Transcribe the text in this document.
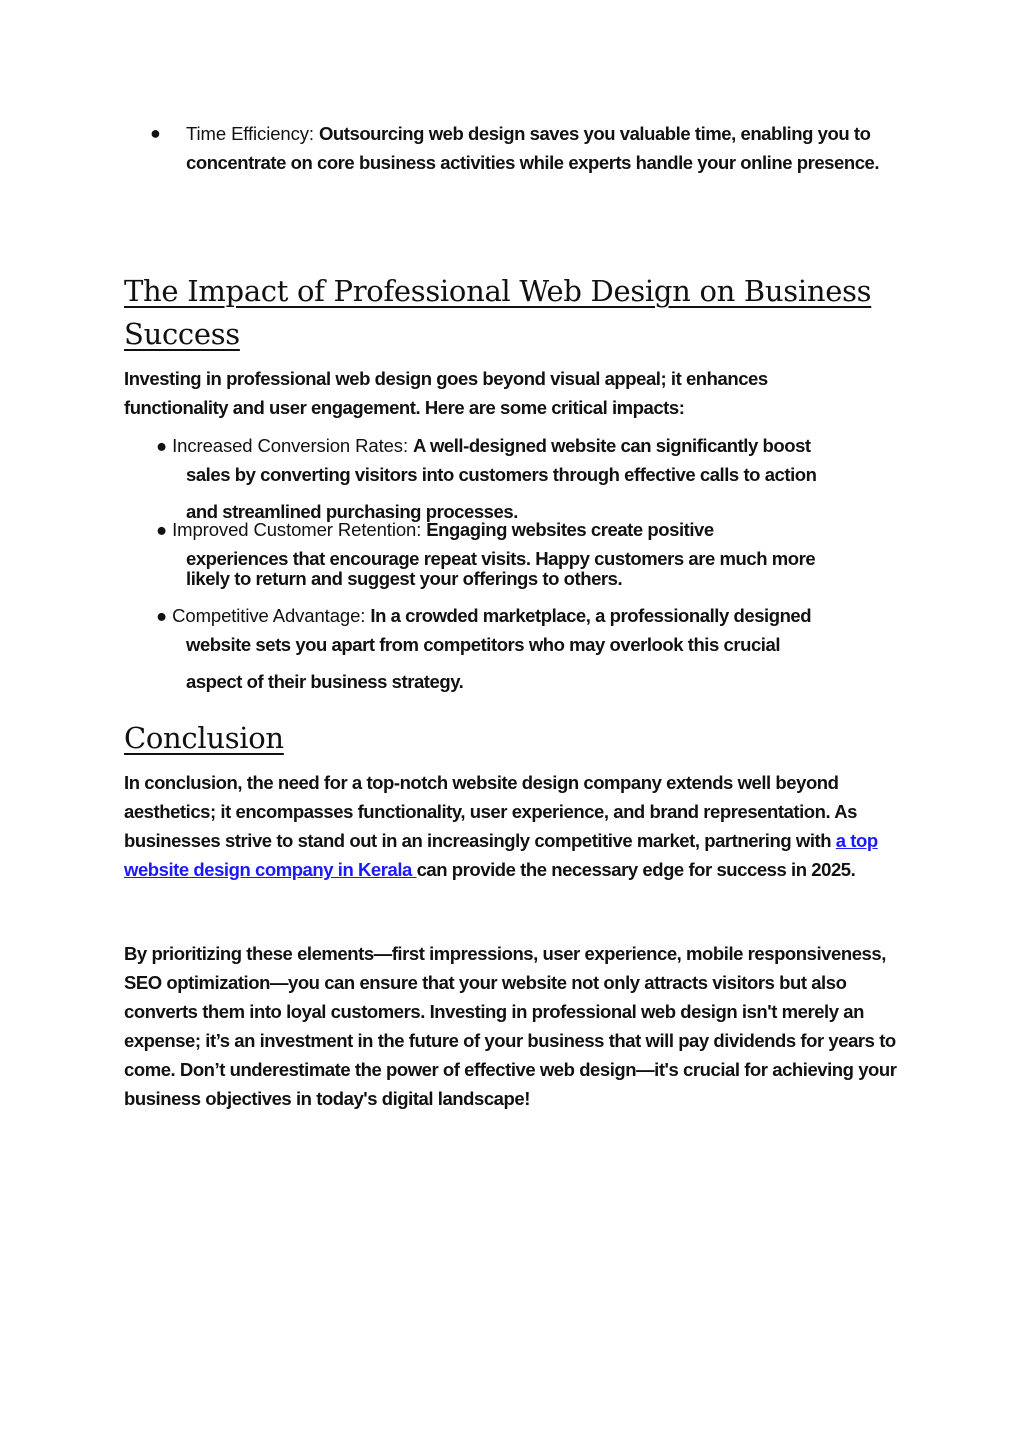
●	Time Efficiency: Outsourcing web design saves you valuable time, enabling you to concentrate on core business activities while experts handle your online presence.
The Impact of Professional Web Design on Business Success
Investing in professional web design goes beyond visual appeal; it enhances functionality and user engagement. Here are some critical impacts:
● Increased Conversion Rates: A well-designed website can significantly boost
sales by converting visitors into customers through effective calls to action
and streamlined purchasing processes.
● Improved Customer Retention: Engaging websites create positive
experiences that encourage repeat visits. Happy customers are much more
likely to return and suggest your offerings to others.
● Competitive Advantage: In a crowded marketplace, a professionally designed
website sets you apart from competitors who may overlook this crucial
aspect of their business strategy.
Conclusion
In conclusion, the need for a top-notch website design company extends well beyond aesthetics; it encompasses functionality, user experience, and brand representation. As businesses strive to stand out in an increasingly competitive market, partnering with a top website design company in Kerala can provide the necessary edge for success in 2025.
By prioritizing these elements—first impressions, user experience, mobile responsiveness, SEO optimization—you can ensure that your website not only attracts visitors but also converts them into loyal customers. Investing in professional web design isn't merely an expense; it’s an investment in the future of your business that will pay dividends for years to come. Don’t underestimate the power of effective web design—it's crucial for achieving your business objectives in today's digital landscape!
